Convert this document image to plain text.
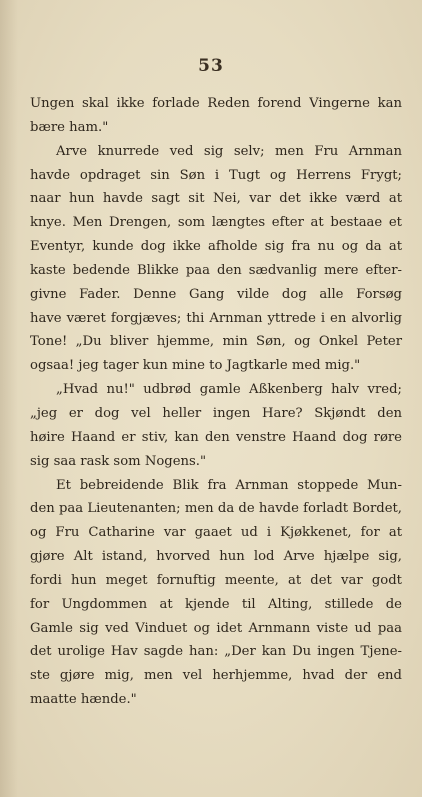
53
Ungen skal ikke forlade Reden forend Vingerne kan
bære ham."
Arve knurrede ved sig selv; men Fru Arnman
havde opdraget sin Søn i Tugt og Herrens Frygt;
naar hun havde sagt sit Nei, var det ikke værd at
knye. Men Drengen, som længtes efter at bestaae et
Eventyr, kunde dog ikke afholde sig fra nu og da at
kaste bedende Blikke paa den sædvanlig mere efter-
givne Fader. Denne Gang vilde dog alle Forsøg
have været forgjæves; thi Arnman yttrede i en alvorlig
Tone! „Du bliver hjemme, min Søn, og Onkel Peter
ogsaa! jeg tager kun mine to Jagtkarle med mig."
„Hvad nu!" udbrød gamle Aßkenberg halv vred;
„jeg er dog vel heller ingen Hare? Skjøndt den
høire Haand er stiv, kan den venstre Haand dog røre
sig saa rask som Nogens."
Et bebreidende Blik fra Arnman stoppede Mun-
den paa Lieutenanten; men da de havde forladt Bordet,
og Fru Catharine var gaaet ud i Kjøkkenet, for at
gjøre Alt istand, hvorved hun lod Arve hjælpe sig,
fordi hun meget fornuftig meente, at det var godt
for Ungdommen at kjende til Alting, stillede de
Gamle sig ved Vinduet og idet Arnmann viste ud paa
det urolige Hav sagde han: „Der kan Du ingen Tjene-
ste gjøre mig, men vel herhjemme, hvad der end
maatte hænde."
